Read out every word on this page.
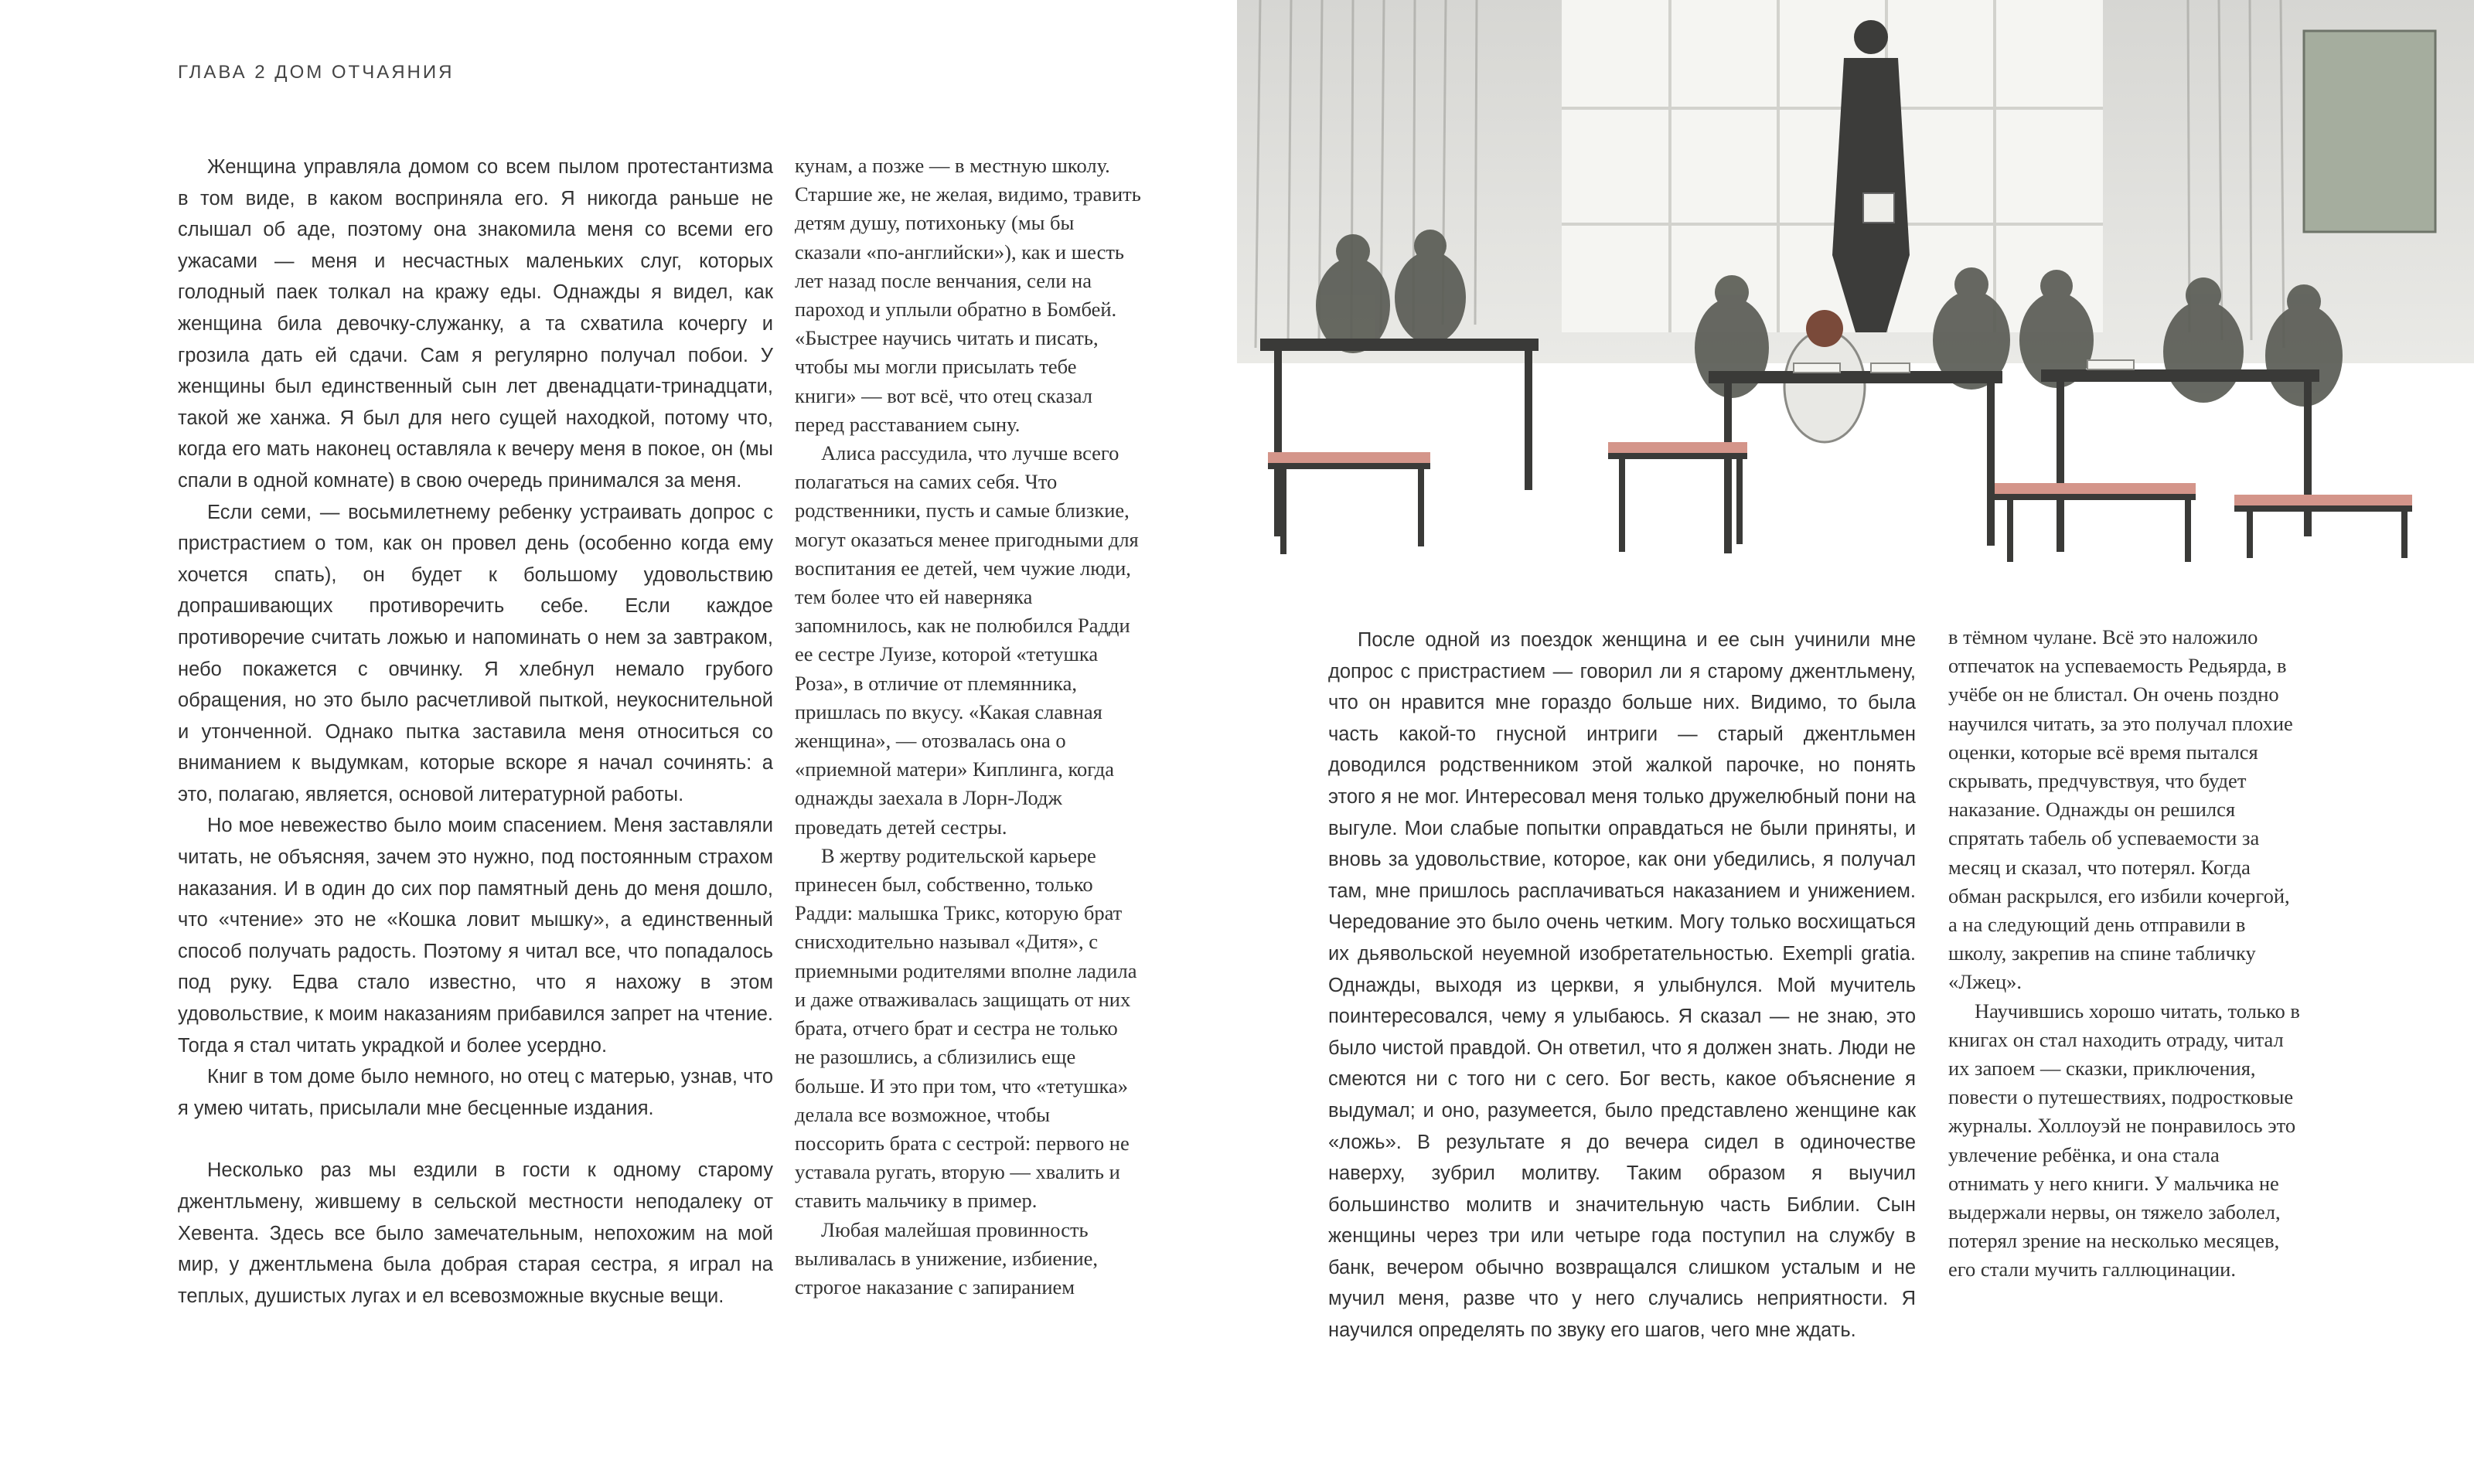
ГЛАВА 2 ДОМ ОТЧАЯНИЯ

Женщина управляла домом со всем пылом протестантизма в том виде, в каком восприняла его. Я никогда раньше не слышал об аде, поэтому она знакомила меня со всеми его ужасами — меня и несчастных маленьких слуг, которых голодный паек толкал на кражу еды. Однажды я видел, как женщина била девочку-служанку, а та схватила кочергу и грозила дать ей сдачи. Сам я регулярно получал побои. У женщины был единственный сын лет двенадцати-тринадцати, такой же ханжа. Я был для него сущей находкой, потому что, когда его мать наконец оставляла к вечеру меня в покое, он (мы спали в одной комнате) в свою очередь принимался за меня.

Если семи, — восьмилетнему ребенку устраивать допрос с пристрастием о том, как он провел день (особенно когда ему хочется спать), он будет к большому удовольствию допрашивающих противоречить себе. Если каждое противоречие считать ложью и напоминать о нем за завтраком, небо покажется с овчинку. Я хлебнул немало грубого обращения, но это было расчетливой пыткой, неукоснительной и утонченной. Однако пытка заставила меня относиться со вниманием к выдумкам, которые вскоре я начал сочинять: а это, полагаю, является, основой литературной работы.

Но мое невежество было моим спасением. Меня заставляли читать, не объясняя, зачем это нужно, под постоянным страхом наказания. И в один до сих пор памятный день до меня дошло, что «чтение» это не «Кошка ловит мышку», а единственный способ получать радость. Поэтому я читал все, что попадалось под руку. Едва стало известно, что я нахожу в этом удовольствие, к моим наказаниям прибавился запрет на чтение. Тогда я стал читать украдкой и более усердно.

Книг в том доме было немного, но отец с матерью, узнав, что я умею читать, присылали мне бесценные издания.

Несколько раз мы ездили в гости к одному старому джентльмену, жившему в сельской местности неподалеку от Хевента. Здесь все было замечательным, непохожим на мой мир, у джентльмена была добрая старая сестра, я играл на теплых, душистых лугах и ел всевозможные вкусные вещи.

кунам, а позже — в местную школу. Старшие же, не желая, видимо, травить детям душу, потихоньку (мы бы сказали «по-английски»), как и шесть лет назад после венчания, сели на пароход и уплыли обратно в Бомбей. «Быстрее научись читать и писать, чтобы мы могли присылать тебе книги» — вот всё, что отец сказал перед расставанием сыну.

Алиса рассудила, что лучше всего полагаться на самих себя. Что родственники, пусть и самые близкие, могут оказаться менее пригодными для воспитания ее детей, чем чужие люди, тем более что ей наверняка запомнилось, как не полюбился Радди ее сестре Луизе, которой «тетушка Роза», в отличие от племянника, пришлась по вкусу. «Какая славная женщина», — отозвалась она о «приемной матери» Киплинга, когда однажды заехала в Лорн-Лодж проведать детей сестры.

В жертву родительской карьере принесен был, собственно, только Радди: малышка Трикс, которую брат снисходительно называл «Дитя», с приемными родителями вполне ладила и даже отваживалась защищать от них брата, отчего брат и сестра не только не разошлись, а сблизились еще больше. И это при том, что «тетушка» делала все возможное, чтобы поссорить брата с сестрой: первого не уставала ругать, вторую — хвалить и ставить мальчику в пример.

Любая малейшая провинность выливалась в унижение, избиение, строгое наказание с запиранием

После одной из поездок женщина и ее сын учинили мне допрос с пристрастием — говорил ли я старому джентльмену, что он нравится мне гораздо больше них. Видимо, то была часть какой-то гнусной интриги — старый джентльмен доводился родственником этой жалкой парочке, но понять этого я не мог. Интересовал меня только дружелюбный пони на выгуле. Мои слабые попытки оправдаться не были приняты, и вновь за удовольствие, которое, как они убедились, я получал там, мне пришлось расплачиваться наказанием и унижением. Чередование это было очень четким. Могу только восхищаться их дьявольской неуемной изобретательностью. Exempli gratia. Однажды, выходя из церкви, я улыбнулся. Мой мучитель поинтересовался, чему я улыбаюсь. Я сказал — не знаю, это было чистой правдой. Он ответил, что я должен знать. Люди не смеются ни с того ни с сего. Бог весть, какое объяснение я выдумал; и оно, разумеется, было представлено женщине как «ложь». В результате я до вечера сидел в одиночестве наверху, зубрил молитву. Таким образом я выучил большинство молитв и значительную часть Библии. Сын женщины через три или четыре года поступил на службу в банк, вечером обычно возвращался слишком усталым и не мучил меня, разве что у него случались неприятности. Я научился определять по звуку его шагов, чего мне ждать.

в тёмном чулане. Всё это наложило отпечаток на успеваемость Редьярда, в учёбе он не блистал. Он очень поздно научился читать, за это получал плохие оценки, которые всё время пытался скрывать, предчувствуя, что будет наказание. Однажды он решился спрятать табель об успеваемости за месяц и сказал, что потерял. Когда обман раскрылся, его избили кочергой, а на следующий день отправили в школу, закрепив на спине табличку «Лжец».

Научившись хорошо читать, только в книгах он стал находить отраду, читал их запоем — сказки, приключения, повести о путешествиях, подростковые журналы. Холлоуэй не понравилось это увлечение ребёнка, и она стала отнимать у него книги. У мальчика не выдержали нервы, он тяжело заболел, потерял зрение на несколько месяцев, его стали мучить галлюцинации.
